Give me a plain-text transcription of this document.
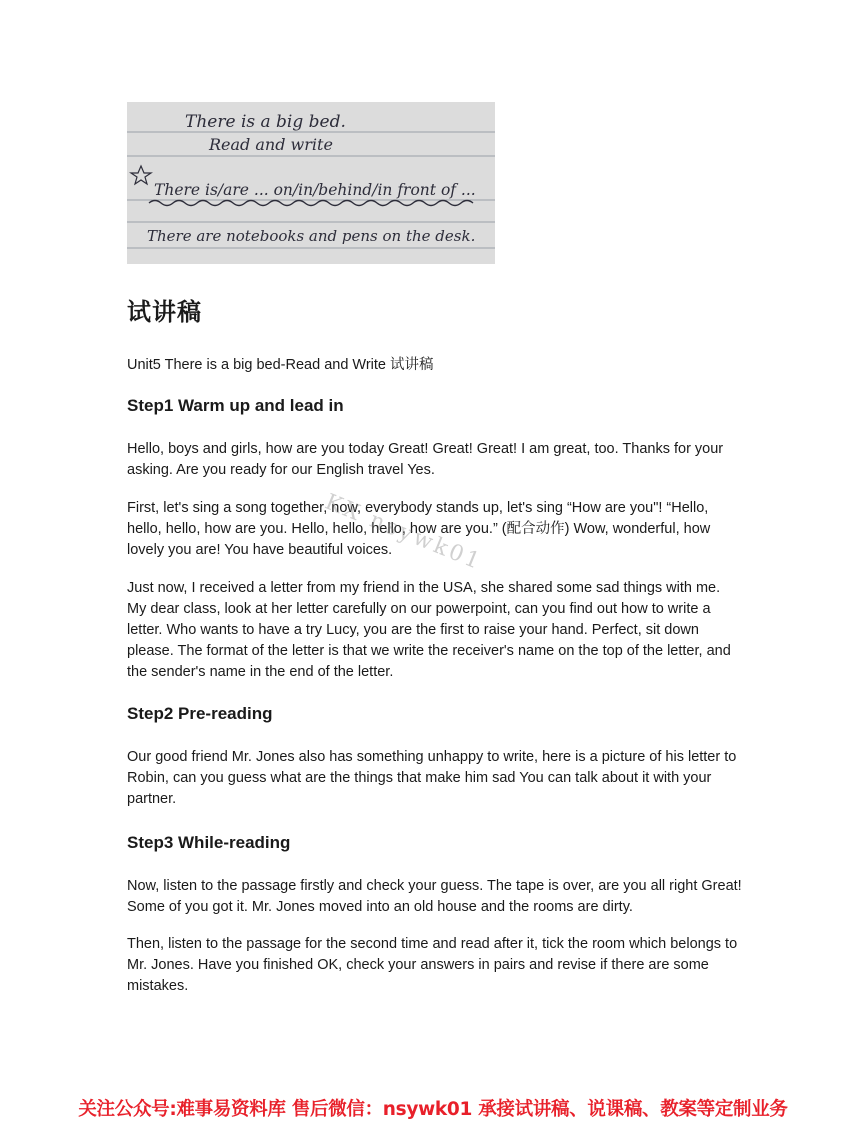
There is a big bed.
Read and write
There is/are ... on/in/behind/in front of ...
There are notebooks and pens on the desk.
试讲稿

Unit5 There is a big bed-Read and Write 试讲稿

Step1 Warm up and lead in

Hello, boys and girls, how are you today Great! Great! Great! I am great, too. Thanks for your asking. Are you ready for our English travel Yes.

First, let's sing a song together, now, everybody stands up, let's sing “How are you"! “Hello, hello, hello, how are you. Hello, hello, hello, how are you.” (配合动作) Wow, wonderful, how lovely you are! You have beautiful voices.

Just now, I received a letter from my friend in the USA, she shared some sad things with me. My dear class, look at her letter carefully on our powerpoint, can you find out how to write a letter. Who wants to have a try Lucy, you are the first to raise your hand. Perfect, sit down please. The format of the letter is that we write the receiver's name on the top of the letter, and the sender's name in the end of the letter.

Step2 Pre-reading

Our good friend Mr. Jones also has something unhappy to write, here is a picture of his letter to Robin, can you guess what are the things that make him sad You can talk about it with your partner.

Step3 While-reading

Now, listen to the passage firstly and check your guess. The tape is over, are you all right Great! Some of you got it. Mr. Jones moved into an old house and the rooms are dirty.

Then, listen to the passage for the second time and read after it, tick the room which belongs to Mr. Jones. Have you finished OK, check your answers in pairs and revise if there are some mistakes.

KX nsywk01
关注公众号:难事易资料库 售后微信：nsywk01 承接试讲稿、说课稿、教案等定制业务
